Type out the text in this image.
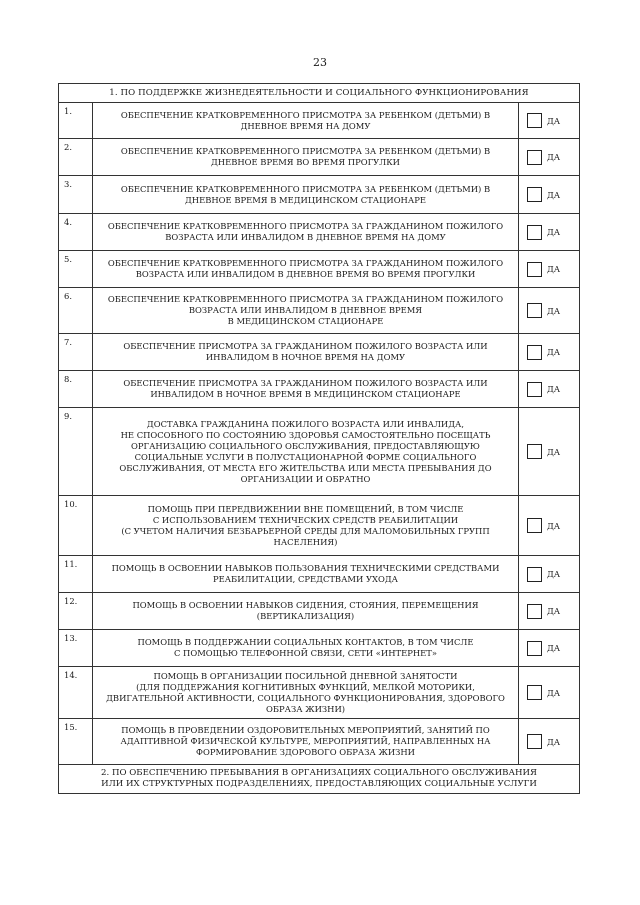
23
1. ПО ПОДДЕРЖКЕ ЖИЗНЕДЕЯТЕЛЬНОСТИ И СОЦИАЛЬНОГО ФУНКЦИОНИРОВАНИЯ
1.	ОБЕСПЕЧЕНИЕ КРАТКОВРЕМЕННОГО ПРИСМОТРА ЗА РЕБЕНКОМ (ДЕТЬМИ) В
ДНЕВНОЕ ВРЕМЯ НА ДОМУ	ДА
2.	ОБЕСПЕЧЕНИЕ КРАТКОВРЕМЕННОГО ПРИСМОТРА ЗА РЕБЕНКОМ (ДЕТЬМИ) В
ДНЕВНОЕ ВРЕМЯ ВО ВРЕМЯ ПРОГУЛКИ	ДА
3.	ОБЕСПЕЧЕНИЕ КРАТКОВРЕМЕННОГО ПРИСМОТРА ЗА РЕБЕНКОМ (ДЕТЬМИ) В
ДНЕВНОЕ ВРЕМЯ В МЕДИЦИНСКОМ СТАЦИОНАРЕ	ДА
4.	ОБЕСПЕЧЕНИЕ КРАТКОВРЕМЕННОГО ПРИСМОТРА ЗА ГРАЖДАНИНОМ ПОЖИЛОГО
ВОЗРАСТА ИЛИ ИНВАЛИДОМ В ДНЕВНОЕ ВРЕМЯ НА ДОМУ	ДА
5.	ОБЕСПЕЧЕНИЕ КРАТКОВРЕМЕННОГО ПРИСМОТРА ЗА ГРАЖДАНИНОМ ПОЖИЛОГО
ВОЗРАСТА ИЛИ ИНВАЛИДОМ В ДНЕВНОЕ ВРЕМЯ ВО ВРЕМЯ ПРОГУЛКИ	ДА
6.	ОБЕСПЕЧЕНИЕ КРАТКОВРЕМЕННОГО ПРИСМОТРА ЗА ГРАЖДАНИНОМ ПОЖИЛОГО
ВОЗРАСТА ИЛИ ИНВАЛИДОМ В ДНЕВНОЕ ВРЕМЯ
В МЕДИЦИНСКОМ СТАЦИОНАРЕ
ДА
7.	ОБЕСПЕЧЕНИЕ ПРИСМОТРА ЗА ГРАЖДАНИНОМ ПОЖИЛОГО ВОЗРАСТА ИЛИ
ИНВАЛИДОМ В НОЧНОЕ ВРЕМЯ НА ДОМУ	ДА
8.	ОБЕСПЕЧЕНИЕ ПРИСМОТРА ЗА ГРАЖДАНИНОМ ПОЖИЛОГО ВОЗРАСТА ИЛИ
ИНВАЛИДОМ В НОЧНОЕ ВРЕМЯ В МЕДИЦИНСКОМ СТАЦИОНАРЕ	ДА
9.
ДОСТАВКА ГРАЖДАНИНА ПОЖИЛОГО ВОЗРАСТА ИЛИ ИНВАЛИДА,
НЕ СПОСОБНОГО ПО СОСТОЯНИЮ ЗДОРОВЬЯ САМОСТОЯТЕЛЬНО ПОСЕЩАТЬ
ОРГАНИЗАЦИЮ СОЦИАЛЬНОГО ОБСЛУЖИВАНИЯ, ПРЕДОСТАВЛЯЮЩУЮ
СОЦИАЛЬНЫЕ УСЛУГИ В ПОЛУСТАЦИОНАРНОЙ ФОРМЕ СОЦИАЛЬНОГО
ОБСЛУЖИВАНИЯ, ОТ МЕСТА ЕГО ЖИТЕЛЬСТВА ИЛИ МЕСТА ПРЕБЫВАНИЯ ДО
ОРГАНИЗАЦИИ И ОБРАТНО
ДА
10.	ПОМОЩЬ ПРИ ПЕРЕДВИЖЕНИИ ВНЕ ПОМЕЩЕНИЙ, В ТОМ ЧИСЛЕ
С ИСПОЛЬЗОВАНИЕМ ТЕХНИЧЕСКИХ СРЕДСТВ РЕАБИЛИТАЦИИ
(С УЧЕТОМ НАЛИЧИЯ БЕЗБАРЬЕРНОЙ СРЕДЫ ДЛЯ МАЛОМОБИЛЬНЫХ ГРУПП
НАСЕЛЕНИЯ)
ДА
11.	ПОМОЩЬ В ОСВОЕНИИ НАВЫКОВ ПОЛЬЗОВАНИЯ ТЕХНИЧЕСКИМИ СРЕДСТВАМИ
РЕАБИЛИТАЦИИ, СРЕДСТВАМИ УХОДА	ДА
12.	ПОМОЩЬ В ОСВОЕНИИ НАВЫКОВ СИДЕНИЯ, СТОЯНИЯ, ПЕРЕМЕЩЕНИЯ
(ВЕРТИКАЛИЗАЦИЯ)	ДА
13.	ПОМОЩЬ В ПОДДЕРЖАНИИ СОЦИАЛЬНЫХ КОНТАКТОВ, В ТОМ ЧИСЛЕ
С ПОМОЩЬЮ ТЕЛЕФОННОЙ СВЯЗИ, СЕТИ «ИНТЕРНЕТ»	ДА
14.	ПОМОЩЬ В ОРГАНИЗАЦИИ ПОСИЛЬНОЙ ДНЕВНОЙ ЗАНЯТОСТИ
(ДЛЯ ПОДДЕРЖАНИЯ КОГНИТИВНЫХ ФУНКЦИЙ, МЕЛКОЙ МОТОРИКИ,
ДВИГАТЕЛЬНОЙ АКТИВНОСТИ, СОЦИАЛЬНОГО ФУНКЦИОНИРОВАНИЯ, ЗДОРОВОГО
ОБРАЗА ЖИЗНИ)
ДА
15.	ПОМОЩЬ В ПРОВЕДЕНИИ ОЗДОРОВИТЕЛЬНЫХ МЕРОПРИЯТИЙ, ЗАНЯТИЙ ПО
АДАПТИВНОЙ ФИЗИЧЕСКОЙ КУЛЬТУРЕ, МЕРОПРИЯТИЙ, НАПРАВЛЕННЫХ НА
ФОРМИРОВАНИЕ ЗДОРОВОГО ОБРАЗА ЖИЗНИ
ДА
2. ПО ОБЕСПЕЧЕНИЮ ПРЕБЫВАНИЯ В ОРГАНИЗАЦИЯХ СОЦИАЛЬНОГО ОБСЛУЖИВАНИЯ
ИЛИ ИХ СТРУКТУРНЫХ ПОДРАЗДЕЛЕНИЯХ, ПРЕДОСТАВЛЯЮЩИХ СОЦИАЛЬНЫЕ УСЛУГИ
